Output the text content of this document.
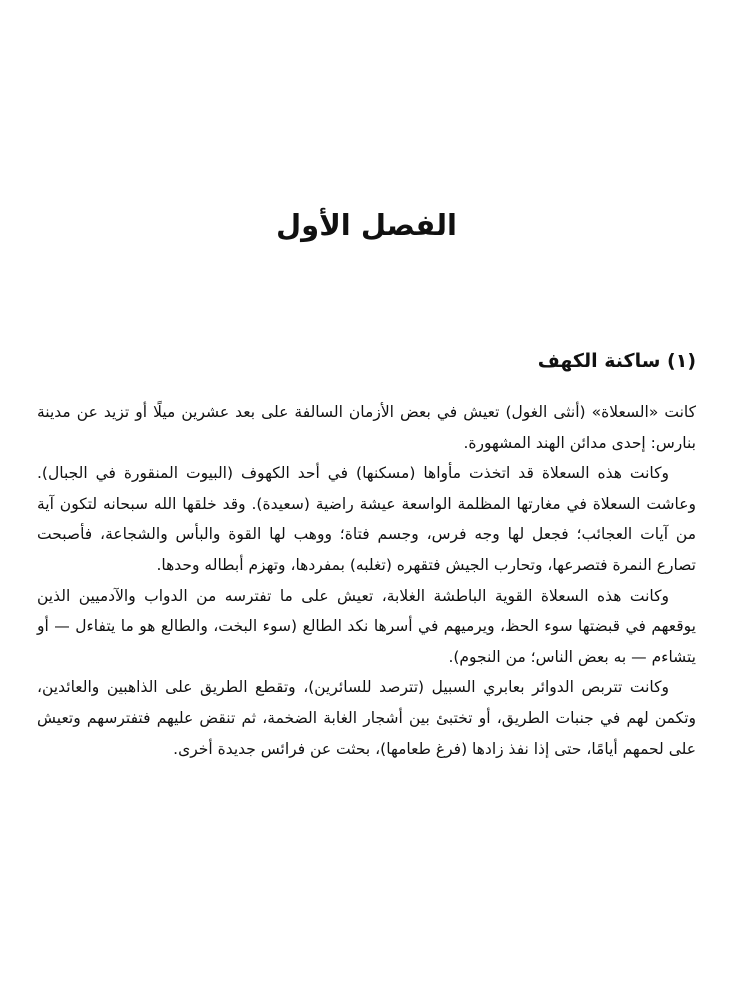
الفصل الأول
(١) ساكنة الكهف

كانت «السعلاة» (أنثى الغول) تعيش في بعض الأزمان السالفة على بعد عشرين ميلًا أو تزيد عن مدينة بنارس: إحدى مدائن الهند المشهورة.

وكانت هذه السعلاة قد اتخذت مأواها (مسكنها) في أحد الكهوف (البيوت المنقورة في الجبال). وعاشت السعلاة في مغارتها المظلمة الواسعة عيشة راضية (سعيدة). وقد خلقها الله سبحانه لتكون آية من آيات العجائب؛ فجعل لها وجه فرس، وجسم فتاة؛ ووهب لها القوة والبأس والشجاعة، فأصبحت تصارع النمرة فتصرعها، وتحارب الجيش فتقهره (تغلبه) بمفردها، وتهزم أبطاله وحدها.

وكانت هذه السعلاة القوية الباطشة الغلابة، تعيش على ما تفترسه من الدواب والآدميين الذين يوقعهم في قبضتها سوء الحظ، ويرميهم في أسرها نكد الطالع (سوء البخت، والطالع هو ما يتفاءل — أو يتشاءم — به بعض الناس؛ من النجوم).

وكانت تتربص الدوائر بعابري السبيل (تترصد للسائرين)، وتقطع الطريق على الذاهبين والعائدين، وتكمن لهم في جنبات الطريق، أو تختبئ بين أشجار الغابة الضخمة، ثم تنقض عليهم فتفترسهم وتعيش على لحمهم أيامًا، حتى إذا نفذ زادها (فرغ طعامها)، بحثت عن فرائس جديدة أخرى.
